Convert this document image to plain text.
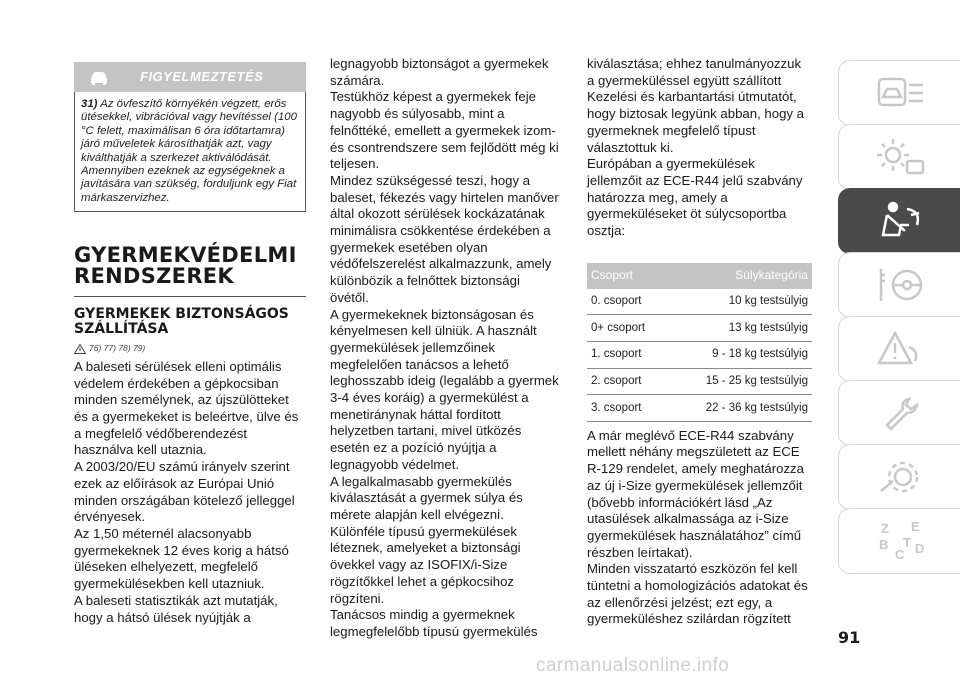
FIGYELMEZTETÉS
31) Az övfeszítő környékén végzett, erős ütésekkel, vibrációval vagy hevítéssel (100 °C felett, maximálisan 6 óra időtartamra) járó műveletek károsíthatják azt, vagy kiválthatják a szerkezet aktiválódását. Amennyiben ezeknek az egységeknek a javítására van szükség, forduljunk egy Fiat márkaszervizhez.
GYERMEKVÉDELMI RENDSZEREK
GYERMEKEK BIZTONSÁGOS SZÁLLÍTÁSA
76) 77) 78) 79)

A baleseti sérülések elleni optimális védelem érdekében a gépkocsiban minden személynek, az újszülötteket és a gyermekeket is beleértve, ülve és a megfelelő védőberendezést használva kell utaznia.

A 2003/20/EU számú irányelv szerint ezek az előírások az Európai Unió minden országában kötelező jelleggel érvényesek.

Az 1,50 méternél alacsonyabb gyermekeknek 12 éves korig a hátsó üléseken elhelyezett, megfelelő gyermekülésekben kell utazniuk.

A baleseti statisztikák azt mutatják, hogy a hátsó ülések nyújtják a

legnagyobb biztonságot a gyermekek számára.

Testükhöz képest a gyermekek feje nagyobb és súlyosabb, mint a felnőttéké, emellett a gyermekek izom- és csontrendszere sem fejlődött még ki teljesen.

Mindez szükségessé teszi, hogy a baleset, fékezés vagy hirtelen manőver által okozott sérülések kockázatának minimálisra csökkentése érdekében a gyermekek esetében olyan védőfelszerelést alkalmazzunk, amely különbözik a felnőttek biztonsági övétől.

A gyermekeknek biztonságosan és kényelmesen kell ülniük. A használt gyermekülések jellemzőinek megfelelően tanácsos a lehető leghosszabb ideig (legalább a gyermek 3-4 éves koráig) a gyermekülést a menetiránynak háttal fordított helyzetben tartani, mivel ütközés esetén ez a pozíció nyújtja a legnagyobb védelmet.

A legalkalmasabb gyermekülés kiválasztását a gyermek súlya és mérete alapján kell elvégezni. Különféle típusú gyermekülések léteznek, amelyeket a biztonsági övekkel vagy az ISOFIX/i-Size rögzítőkkel lehet a gépkocsihoz rögzíteni.

Tanácsos mindig a gyermeknek legmegfelelőbb típusú gyermekülés

kiválasztása; ehhez tanulmányozzuk a gyermeküléssel együtt szállított Kezelési és karbantartási útmutatót, hogy biztosak legyünk abban, hogy a gyermeknek megfelelő típust választottuk ki.

Európában a gyermekülések jellemzőit az ECE-R44 jelű szabvány határozza meg, amely a gyermeküléseket öt súlycsoportba osztja:

Csoport	Súlykategória
0. csoport	10 kg testsúlyig
0+ csoport	13 kg testsúlyig
1. csoport	9 - 18 kg testsúlyig
2. csoport	15 - 25 kg testsúlyig
3. csoport	22 - 36 kg testsúlyig

A már meglévő ECE-R44 szabvány mellett néhány megszületett az ECE R-129 rendelet, amely meghatározza az új i-Size gyermekülések jellemzőit (bővebb információkért lásd „Az utasülések alkalmassága az i-Size gyermekülések használatához” című részben leírtakat).

Minden visszatartó eszközön fel kell tüntetni a homologizációs adatokat és az ellenőrzési jelzést; ezt egy, a gyermeküléshez szilárdan rögzített

Z E
B
C D
T
91
carmanualsonline.info
